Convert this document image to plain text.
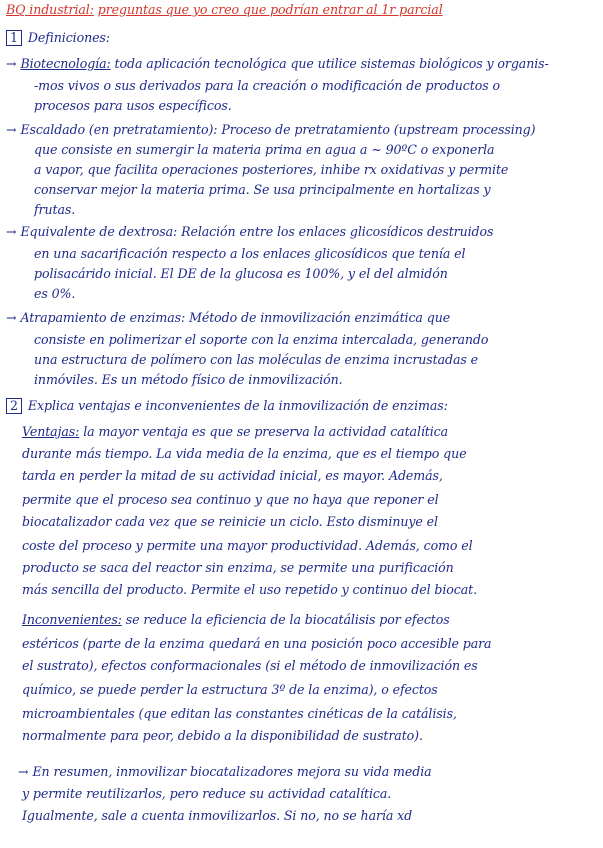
BQ industrial: preguntas que yo creo que podrían entrar al 1r parcial
1 Definiciones:
→ Biotecnología: toda aplicación tecnológica que utilice sistemas biológicos y organis-
-mos vivos o sus derivados para la creación o modificación de productos o
procesos para usos específicos.
→ Escaldado (en pretratamiento): Proceso de pretratamiento (upstream processing)
que consiste en sumergir la materia prima en agua a ~ 90ºC o exponerla
a vapor, que facilita operaciones posteriores, inhibe rx oxidativas y permite
conservar mejor la materia prima. Se usa principalmente en hortalizas y
frutas.
→ Equivalente de dextrosa: Relación entre los enlaces glicosídicos destruidos
en una sacarificación respecto a los enlaces glicosídicos que tenía el
polisacárido inicial. El DE de la glucosa es 100%, y el del almidón
es 0%.
→ Atrapamiento de enzimas: Método de inmovilización enzimática que
consiste en polimerizar el soporte con la enzima intercalada, generando
una estructura de polímero con las moléculas de enzima incrustadas e
inmóviles. Es un método físico de inmovilización.
2 Explica ventajas e inconvenientes de la inmovilización de enzimas:
Ventajas: la mayor ventaja es que se preserva la actividad catalítica
durante más tiempo. La vida media de la enzima, que es el tiempo que
tarda en perder la mitad de su actividad inicial, es mayor. Además,
permite que el proceso sea continuo y que no haya que reponer el
biocatalizador cada vez que se reinicie un ciclo. Esto disminuye el
coste del proceso y permite una mayor productividad. Además, como el
producto se saca del reactor sin enzima, se permite una purificación
más sencilla del producto. Permite el uso repetido y continuo del biocat.
Inconvenientes: se reduce la eficiencia de la biocatálisis por efectos
estéricos (parte de la enzima quedará en una posición poco accesible para
el sustrato), efectos conformacionales (si el método de inmovilización es
químico, se puede perder la estructura 3º de la enzima), o efectos
microambientales (que editan las constantes cinéticas de la catálisis,
normalmente para peor, debido a la disponibilidad de sustrato).
→ En resumen, inmovilizar biocatalizadores mejora su vida media
y permite reutilizarlos, pero reduce su actividad catalítica.
Igualmente, sale a cuenta inmovilizarlos. Si no, no se haría xd
